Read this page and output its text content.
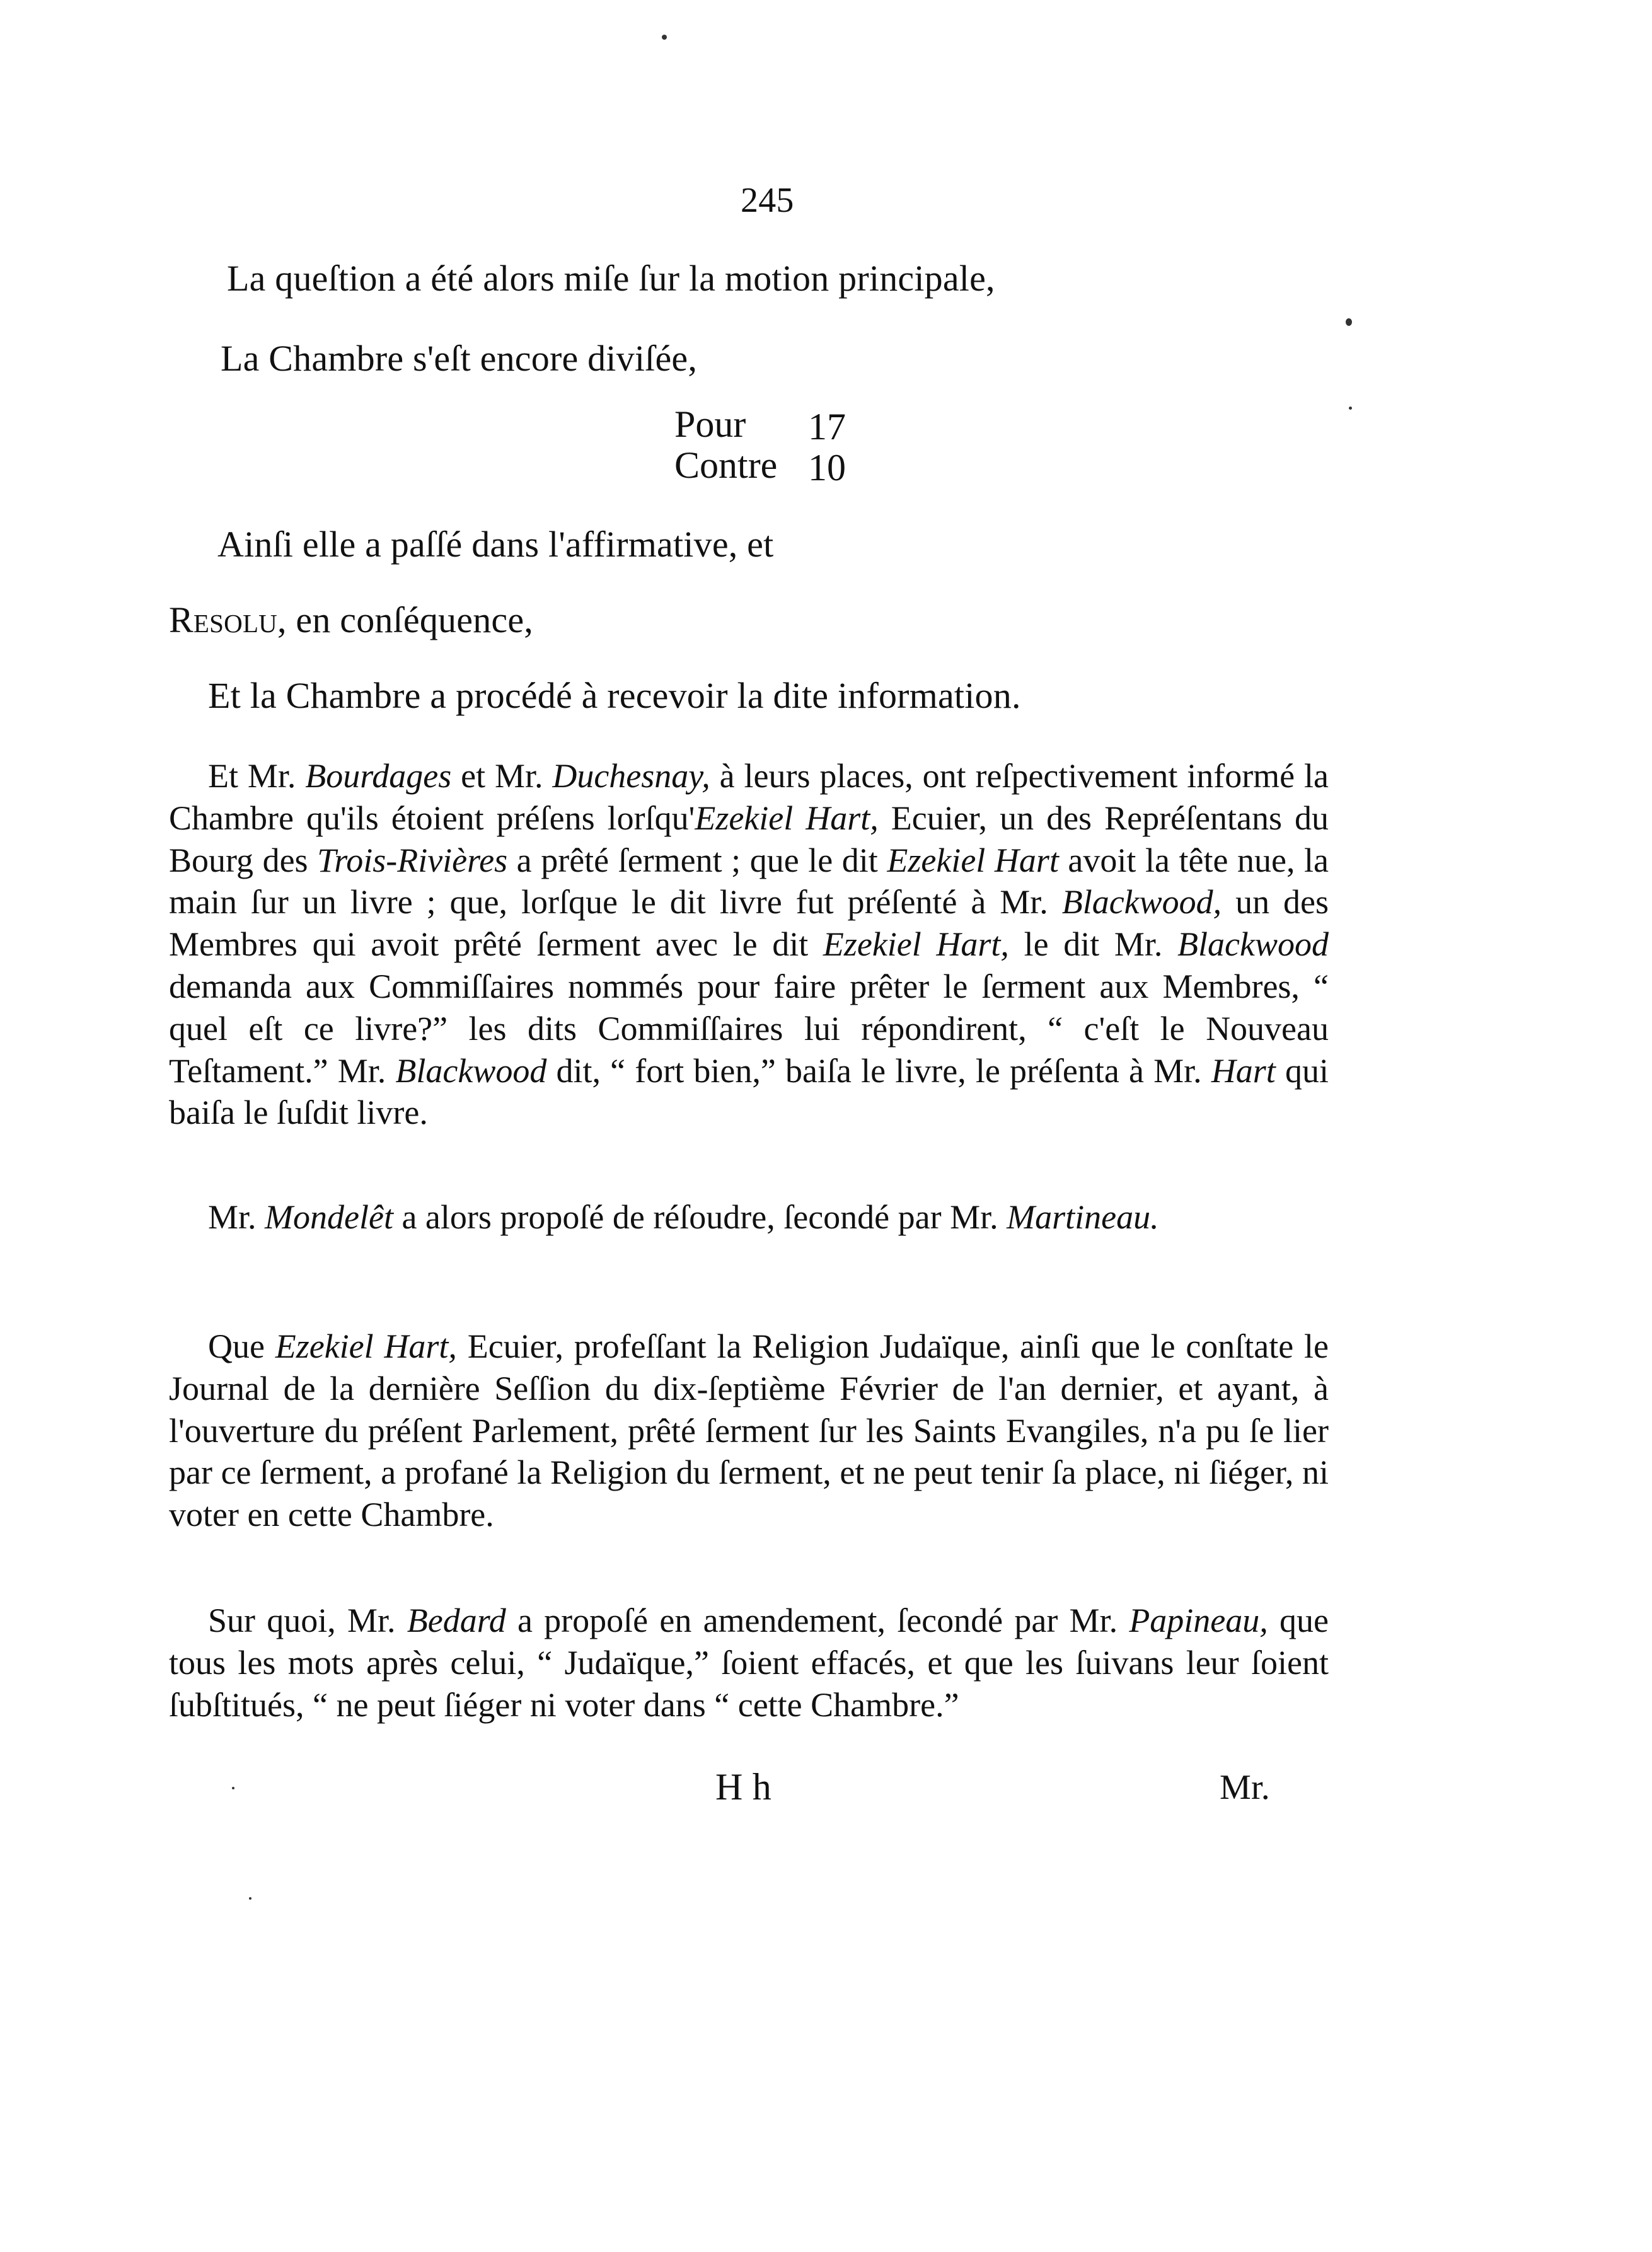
245
La queſtion a été alors miſe ſur la motion principale,
La Chambre s'eſt encore diviſée,
Pour 17
Contre 10
Ainſi elle a paſſé dans l'affirmative, et
Resolu, en conſéquence,
Et la Chambre a procédé à recevoir la dite information.

Et Mr. Bourdages et Mr. Duchesnay, à leurs places, ont reſpectivement informé la Chambre qu'ils étoient préſens lorſqu'Ezekiel Hart, Ecuier, un des Repréſentans du Bourg des Trois-Rivières a prêté ſerment ; que le dit Ezekiel Hart avoit la tête nue, la main ſur un livre ; que, lorſque le dit livre fut préſenté à Mr. Blackwood, un des Membres qui avoit prêté ſerment avec le dit Ezekiel Hart, le dit Mr. Blackwood demanda aux Commiſſaires nommés pour faire prêter le ſerment aux Membres, “ quel eſt ce livre?” les dits Commiſſaires lui répondirent, “ c'eſt le Nouveau Teſtament.” Mr. Blackwood dit, “ fort bien,” baiſa le livre, le préſenta à Mr. Hart qui baiſa le ſuſdit livre.

Mr. Mondelêt a alors propoſé de réſoudre, ſecondé par Mr. Martineau.

Que Ezekiel Hart, Ecuier, profeſſant la Religion Judaïque, ainſi que le conſtate le Journal de la dernière Seſſion du dix-ſeptième Février de l'an dernier, et ayant, à l'ouverture du préſent Parlement, prêté ſerment ſur les Saints Evangiles, n'a pu ſe lier par ce ſerment, a profané la Religion du ſerment, et ne peut tenir ſa place, ni ſiéger, ni voter en cette Chambre.

Sur quoi, Mr. Bedard a propoſé en amendement, ſecondé par Mr. Papineau, que tous les mots après celui, “ Judaïque,” ſoient effacés, et que les ſuivans leur ſoient ſubſtitués, “ ne peut ſiéger ni voter dans “ cette Chambre.”

H h	Mr.
